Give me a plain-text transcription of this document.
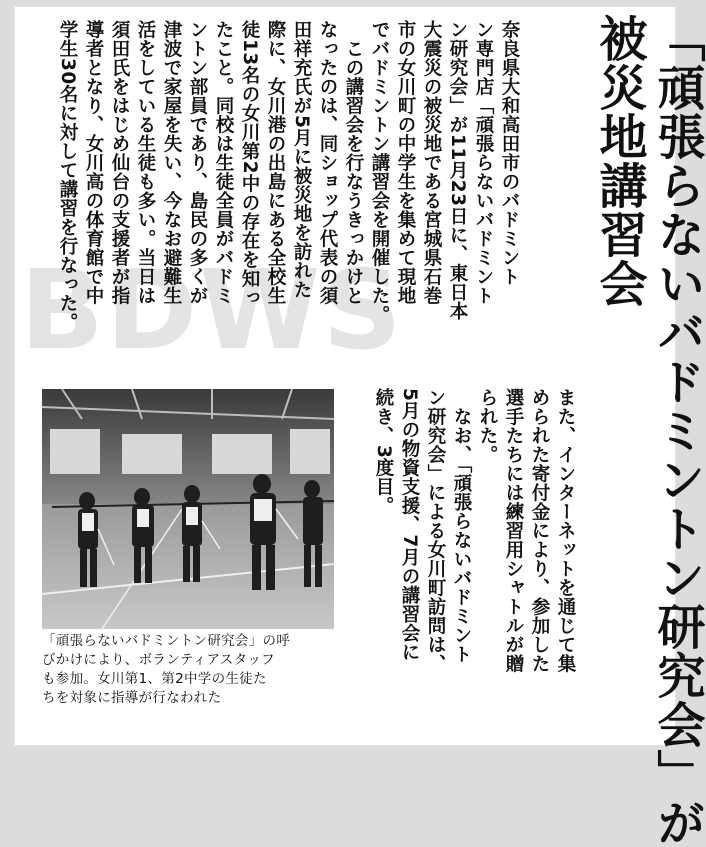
BDWS	「頑張らないバドミントン研究会」が
被災地講習会
奈良県大和高田市のバドミント
ン専門店「頑張らないバドミント
ン研究会」が11月23日に、東日本
大震災の被災地である宮城県石巻
市の女川町の中学生を集めて現地
でバドミントン講習会を開催した。
　この講習会を行なうきっかけと
なったのは、同ショップ代表の須
田祥充氏が5月に被災地を訪れた
際に、女川港の出島にある全校生
徒13名の女川第2中の存在を知っ
たこと。同校は生徒全員がバドミ
ントン部員であり、島民の多くが
津波で家屋を失い、今なお避難生
活をしている生徒も多い。当日は
須田氏をはじめ仙台の支援者が指
導者となり、女川高の体育館で中
学生30名に対して講習を行なった。
また、インターネットを通じて集
められた寄付金により、参加した
選手たちには練習用シャトルが贈
られた。
　なお、「頑張らないバドミント
ン研究会」による女川町訪問は、
5月の物資支援、7月の講習会に
続き、3度目。
「頑張らないバドミントン研究会」の呼
びかけにより、ボランティアスタッフ
も参加。女川第1、第2中学の生徒た
ちを対象に指導が行なわれた
